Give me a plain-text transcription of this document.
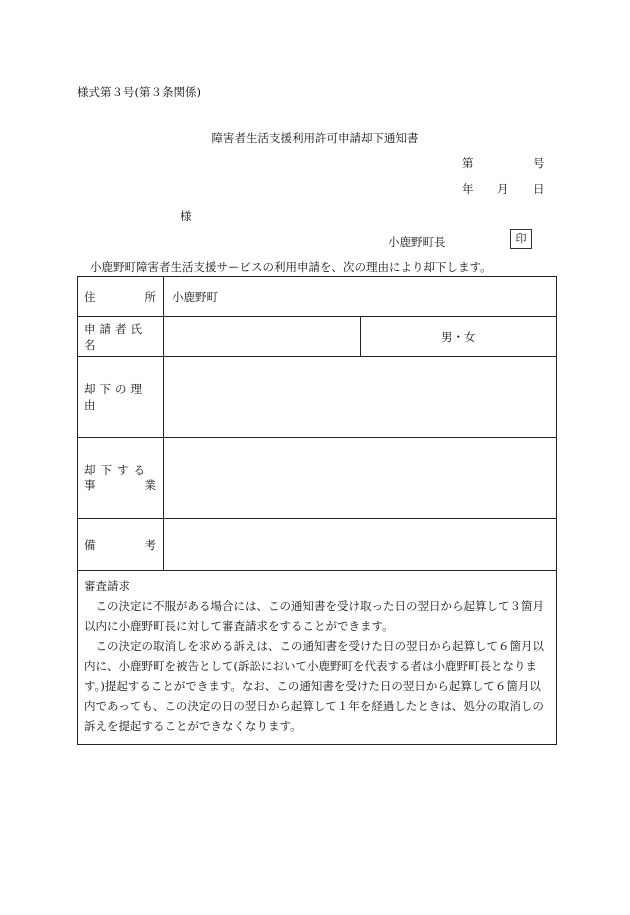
様式第３号(第３条関係)
障害者生活支援利用許可申請却下通知書
第	号
年 月 日
様
小鹿野町長	印
小鹿野町障害者生活支援サービスの利用申請を、次の理由により却下します。
住 所	小鹿野町	

申請者氏名		男・女

却下の理由		

却下する
事 業		

備 考		

審査請求

この決定に不服がある場合には、この通知書を受け取った日の翌日から起算して３箇月以内に小鹿野町長に対して審査請求をすることができます。

この決定の取消しを求める訴えは、この通知書を受けた日の翌日から起算して６箇月以内に、小鹿野町を被告として(訴訟において小鹿野町を代表する者は小鹿野町長となります。)提起することができます。なお、この通知書を受けた日の翌日から起算して６箇月以内であっても、この決定の日の翌日から起算して１年を経過したときは、処分の取消しの訴えを提起することができなくなります。		
